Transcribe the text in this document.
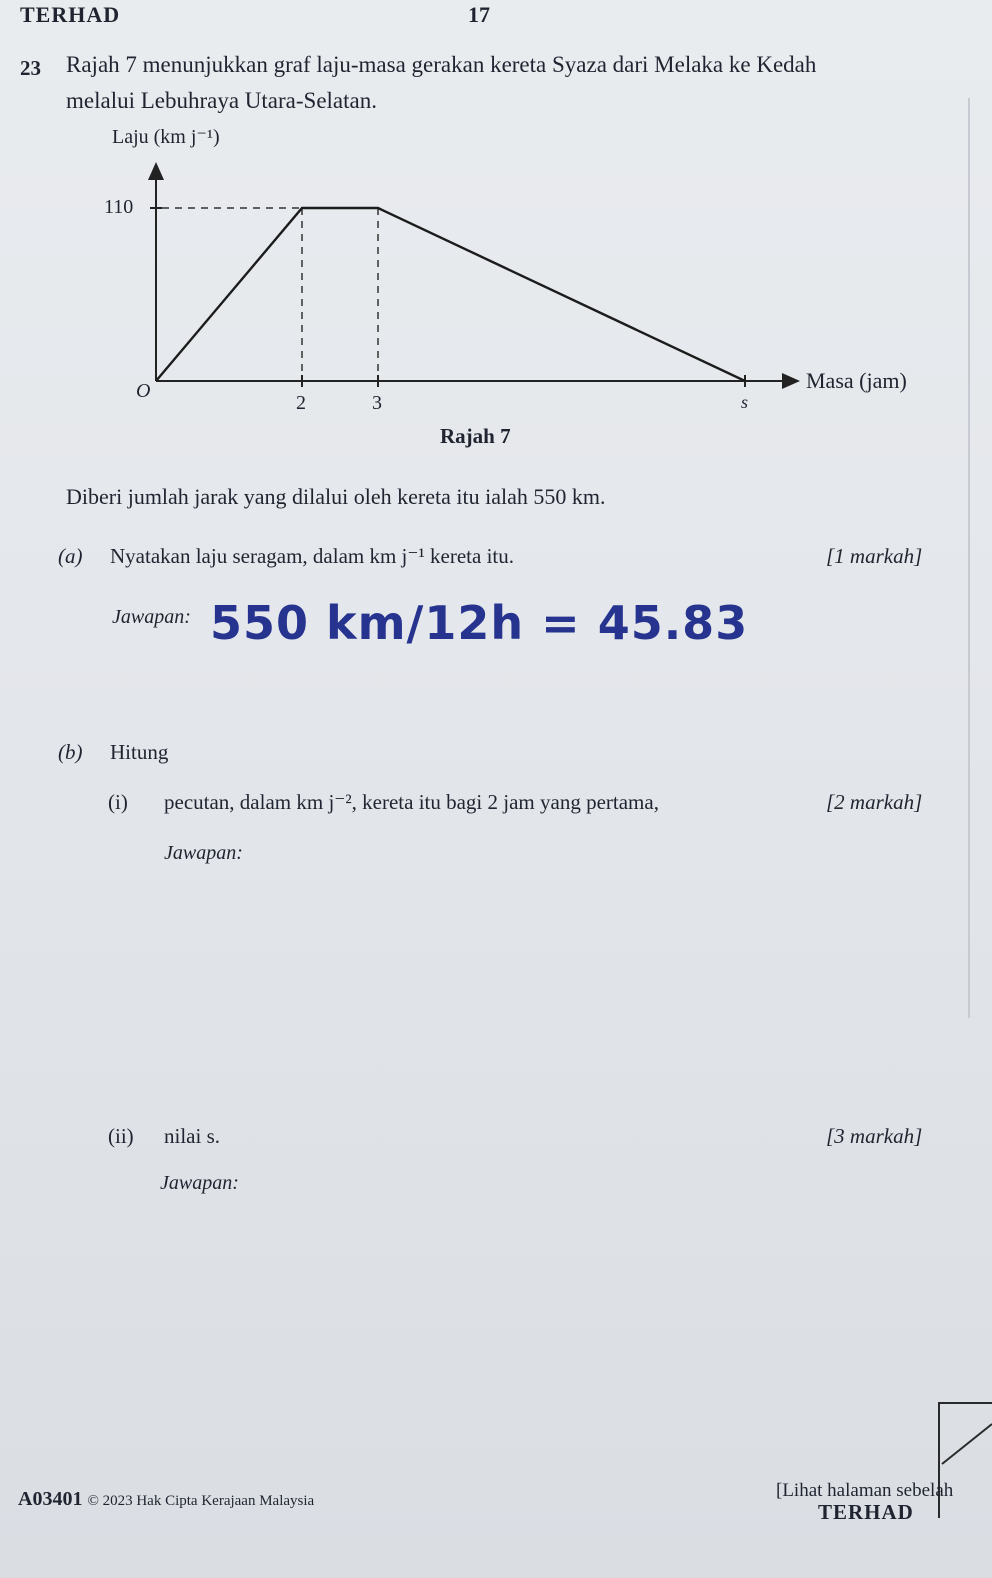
TERHAD	17
23 Rajah 7 menunjukkan graf laju-masa gerakan kereta Syaza dari Melaka ke Kedah
melalui Lebuhraya Utara-Selatan.
Laju (km j⁻¹)
110
O
2	3	s
Masa (jam)
Rajah 7
Diberi jumlah jarak yang dilalui oleh kereta itu ialah 550 km.
(a) Nyatakan laju seragam, dalam km j⁻¹ kereta itu.	[1 markah]
Jawapan: 550 km/12h = 45.83
(b) Hitung
(i) pecutan, dalam km j⁻², kereta itu bagi 2 jam yang pertama,	[2 markah]
Jawapan:
(ii) nilai s.	[3 markah]
Jawapan:
A03401 © 2023 Hak Cipta Kerajaan Malaysia	[Lihat halaman sebelah
TERHAD
